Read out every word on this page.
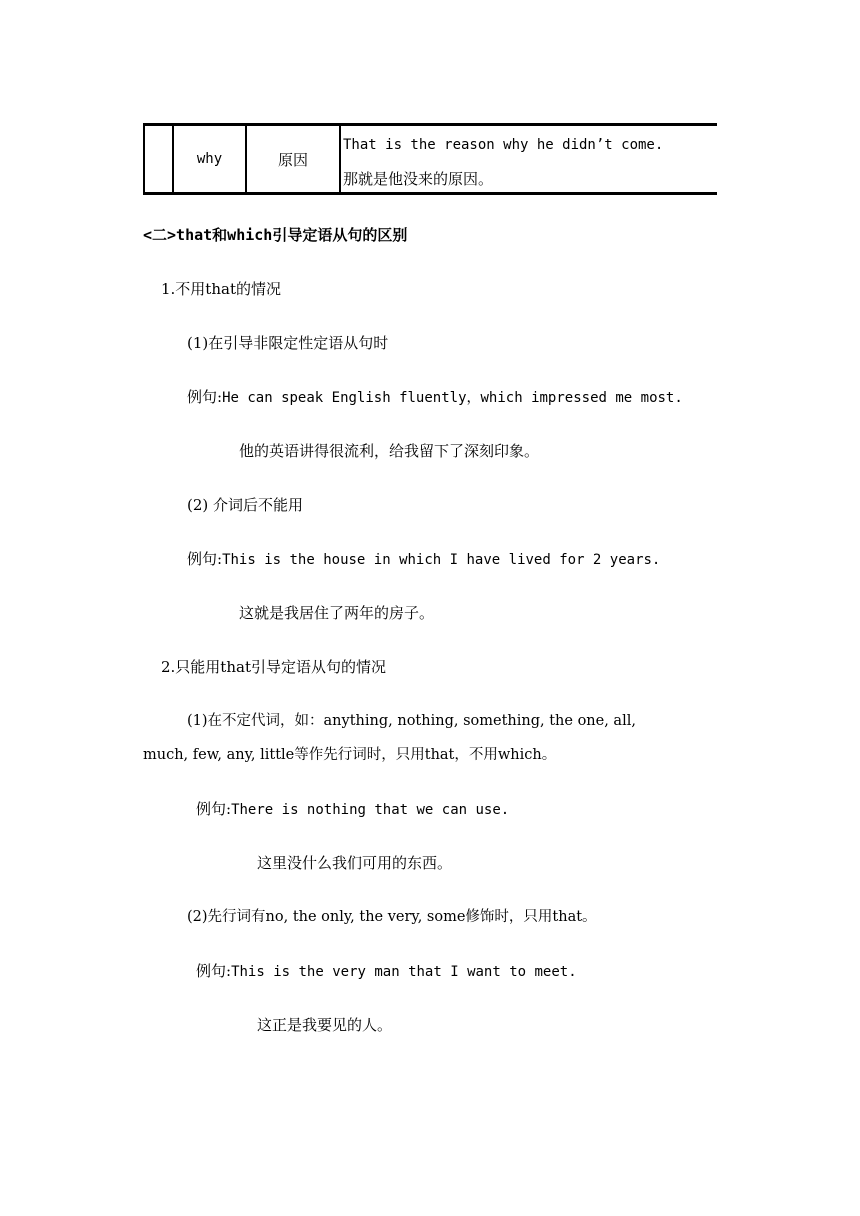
why	原因
That is the reason why he didn’t come.
那就是他没来的原因。
<二>that和which引导定语从句的区别
1.不用that的情况
(1)在引导非限定性定语从句时
例句:He can speak English fluently，which impressed me most.
他的英语讲得很流利，给我留下了深刻印象。
(2) 介词后不能用
例句:This is the house in which I have lived for 2 years.
这就是我居住了两年的房子。
2.只能用that引导定语从句的情况
(1)在不定代词，如：anything, nothing, something, the one, all,
much, few, any, little等作先行词时，只用that，不用which。
例句:There is nothing that we can use.
这里没什么我们可用的东西。
(2)先行词有no, the only, the very, some修饰时，只用that。
例句:This is the very man that I want to meet.
这正是我要见的人。
